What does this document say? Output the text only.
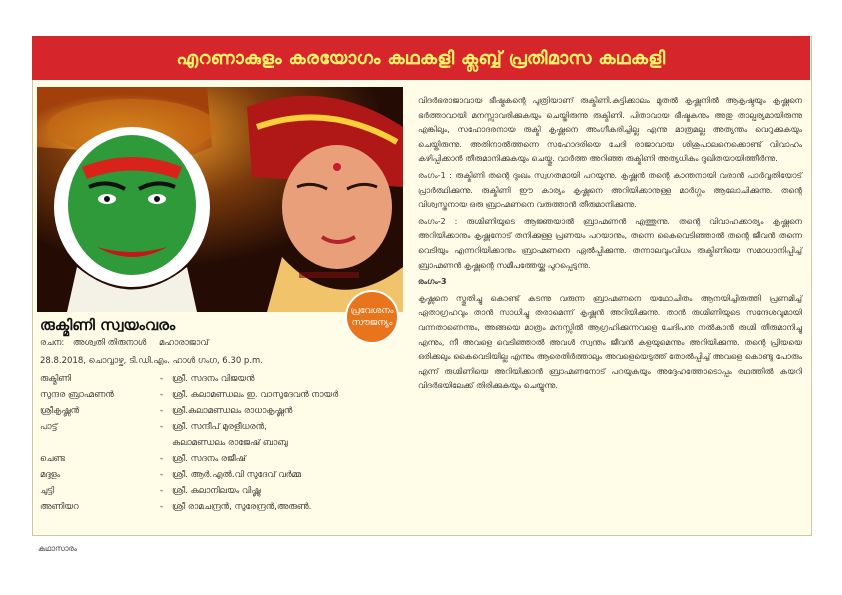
എറണാകുളം കരയോഗം കഥകളി ക്ലബ്ബ് പ്രതിമാസ കഥകളി
പ്രവേശനം
സൗജന്യം
രുക്മിണി സ്വയംവരം
രചന: അശ്വതി തിരുനാൾ മഹാരാജാവ്
28.8.2018, ചൊവ്വാഴ്ച, ടി.ഡി.എം. ഹാൾ ഗംഗ, 6.30 p.m.
രുക്മിണി	-	ശ്രീ. സദനം വിജയൻ
സുന്ദര ബ്രാഹ്മണൻ	-	ശ്രീ. കലാമണ്ഡലം ഇ. വാസുദേവൻ നായർ
ശ്രീകൃഷ്ണൻ	-	ശ്രീ.കലാമണ്ഡലം രാധാകൃഷ്ണൻ
പാട്ട്	-	ശ്രീ. സന്ദീപ് മുരളീധരൻ,
		കലാമണ്ഡലം രാജേഷ് ബാബു
ചെണ്ട	-	ശ്രീ. സദനം രജീഷ്
മദ്ദളം	-	ശ്രീ. ആർ.എൽ.വി സുദേവ് വർമ്മ
ചുട്ടി	-	ശ്രീ. കലാനിലയം വിഷ്ണു
അണിയറ	-	ശ്രീ രാമചന്ദ്രൻ, സുരേന്ദ്രൻ,അരുൺ.

വിദർഭരാജാവായ ഭീഷ്മകന്റെ പുത്രിയാണ് രുക്മിണി.കുട്ടിക്കാലം മുതൽ കൃഷ്ണനിൽ ആകൃഷ്ടയും കൃഷ്ണനെ ഭർത്താവായി മനസ്സാവരിക്കുകയും ചെയ്തിരുന്നു രുക്മിണി. പിതാവായ ഭീഷ്മകനും അതു താല്പര്യമായിരുന്നു എങ്കിലും, സഹോദരനായ രുക്മി കൃഷ്ണനെ അംഗീകരിച്ചില്ല എന്നു മാത്രമല്ല അത്യന്തം വെറുക്കുകയും ചെയ്തിരുന്നു. അതിനാൽത്തന്നെ സഹോദരിയെ ചേദി രാജാവായ ശിശുപാലനെക്കൊണ്ട് വിവാഹം കഴിപ്പിക്കാൻ തീരുമാനിക്കുകയും ചെയ്തു. വാർത്ത അറിഞ്ഞ രുക്മിണി അത്യധികം ദുഖിതയായിത്തീർന്നു.

രംഗം-1 : രുക്മിണി തന്റെ ദുഃഖം സ്വഗതമായി പറയുന്നു. കൃഷ്ണൻ തന്റെ കാന്തനായി വരാൻ പാർവ്വതിയോട് പ്രാർത്ഥിക്കുന്നു. രുക്മിണി ഈ കാര്യം കൃഷ്ണനെ അറിയിക്കാനുള്ള മാർഗ്ഗം ആലോചിക്കുന്നു. തന്റെ വിശ്വസ്തനായ ഒരു ബ്രാഹ്മണനെ വരുത്താൻ തീരുമാനിക്കുന്നു.

രംഗം-2 : രുഗ്മിണിയുടെ ആജ്ഞയാൽ ബ്രാഹ്മണൻ എത്തുന്നു. തന്റെ വിവാഹക്കാര്യം കൃഷ്ണനെ അറിയിക്കാനും കൃഷ്ണനോട് തനിക്കുള്ള പ്രണയം പറയാനും, തന്നെ കൈവെടിഞ്ഞാൽ തന്റെ ജീവൻ തന്നെ വെടിയും എന്നറിയിക്കാനും ബ്രാഹ്മണനെ ഏൽപ്പിക്കുന്നു. തന്നാലവുംവിധം രുക്മിണിയെ സമാധാനിപ്പിച്ച് ബ്രാഹ്മണൻ കൃഷ്ണന്റെ സമീപത്തേയ്ക്കു പുറപ്പെടുന്നു.

രംഗം-3

കൃഷ്ണനെ സ്തുതിച്ചു കൊണ്ട് കടന്നു വരുന്ന ബ്രാഹ്മണനെ യഥോചിതം ആനയിച്ചിരുത്തി പ്രണമിച്ച് ഏതാഗ്രഹവും താൻ സാധിച്ചു തരാമെന്ന് കൃഷ്ണൻ അറിയിക്കുന്നു. താൻ രുഗ്മിണിയുടെ സന്ദേശവുമായി വന്നതാണെന്നും, അങ്ങയെ മാത്രം മനസ്സിൽ ആഗ്രഹിക്കുന്നവളെ ചേദിപനു നൽകാൻ രുഗ്മി തീരുമാനിച്ചു എന്നും, നീ അവളെ വെടിഞ്ഞാൽ അവൾ സ്വന്തം ജീവൻ കളയുമെന്നും അറിയിക്കുന്നു. തന്റെ പ്രിയയെ ഒരിക്കലും കൈവെടിയില്ല എന്നും ആരെതിർത്താലും അവളെയെടുത്ത് തോൽപ്പിച്ച് അവളെ കൊണ്ടു പോരും എന്ന് രുഗ്മിണിയെ അറിയിക്കാൻ ബ്രാഹ്മണനോട് പറയുകയും അദ്ദേഹത്തോടൊപ്പം രഥത്തിൽ കയറി വിദർഭയിലേക്ക് തിരിക്കുകയും ചെയ്യുന്നു.

കഥാസാരം
